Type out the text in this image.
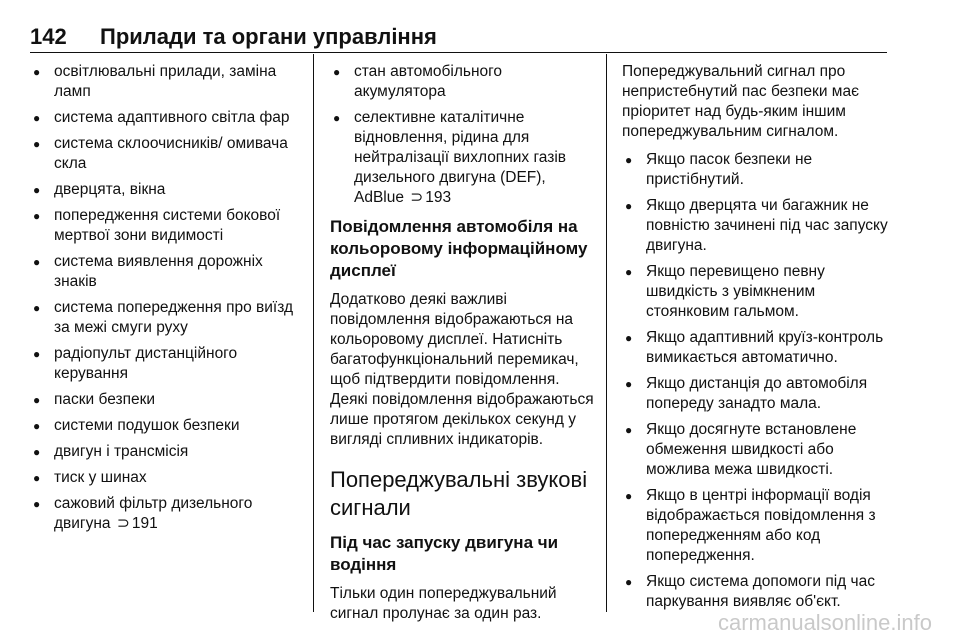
142 Прилади та органи управління
● освітлювальні прилади, заміна ламп
● система адаптивного світла фар
● система склоочисників/ омивача скла
● дверцята, вікна
● попередження системи бокової мертвої зони видимості
● система виявлення дорожніх знаків
● система попередження про виїзд за межі смуги руху
● радіопульт дистанційного керування
● паски безпеки
● системи подушок безпеки
● двигун і трансмісія
● тиск у шинах
● сажовий фільтр дизельного двигуна ⊃ 191
● стан автомобільного акумулятора
● селективне каталітичне відновлення, рідина для нейтралізації вихлопних газів дизельного двигуна (DEF), AdBlue ⊃ 193
Повідомлення автомобіля на кольоровому інформаційному дисплеї

Додатково деякі важливі повідомлення відображаються на кольоровому дисплеї. Натисніть багатофункціональний перемикач, щоб підтвердити повідомлення. Деякі повідомлення відображаються лише протягом декількох секунд у вигляді спливних індикаторів.

Попереджувальні звукові сигнали
Під час запуску двигуна чи водіння

Тільки один попереджувальний сигнал пролунає за один раз.

Попереджувальний сигнал про непристебнутий пас безпеки має пріоритет над будь-яким іншим попереджувальним сигналом.

● Якщо пасок безпеки не пристібнутий.
● Якщо дверцята чи багажник не повністю зачинені під час запуску двигуна.
● Якщо перевищено певну швидкість з увімкненим стоянковим гальмом.
● Якщо адаптивний круїз-контроль вимикається автоматично.
● Якщо дистанція до автомобіля попереду занадто мала.
● Якщо досягнуте встановлене обмеження швидкості або можлива межа швидкості.
● Якщо в центрі інформації водія відображається повідомлення з попередженням або код попередження.
● Якщо система допомоги під час паркування виявляє об'єкт.
carmanualsonline.info
